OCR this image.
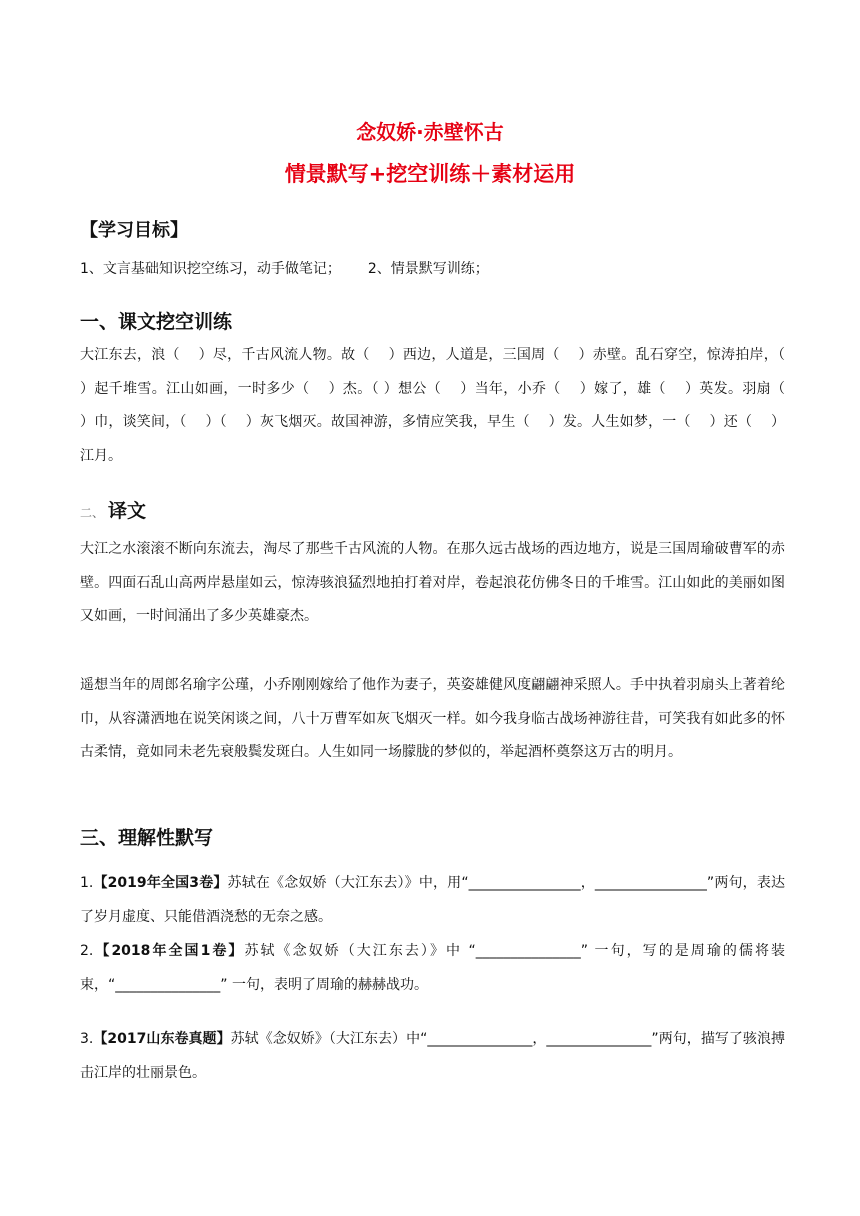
念奴娇·赤壁怀古
情景默写+挖空训练＋素材运用
【学习目标】
1、文言基础知识挖空练习，动手做笔记； 2、情景默写训练；
一、课文挖空训练
大江东去，浪（　 ）尽，千古风流人物。故（　 ）西边，人道是，三国周（　 ）赤壁。乱石穿空，惊涛拍岸，（　 ）起千堆雪。江山如画，一时多少（　 ）杰。（ ）想公（　 ）当年，小乔（　 ）嫁了，雄（　 ）英发。羽扇（　 ）巾，谈笑间，（　 ）（　 ）灰飞烟灭。故国神游，多情应笑我，早生（　 ）发。人生如梦，一（　 ）还（　 ）江月。
二、 译文
大江之水滚滚不断向东流去，淘尽了那些千古风流的人物。在那久远古战场的西边地方，说是三国周瑜破曹军的赤壁。四面石乱山高两岸悬崖如云，惊涛骇浪猛烈地拍打着对岸，卷起浪花仿佛冬日的千堆雪。江山如此的美丽如图又如画，一时间涌出了多少英雄豪杰。
遥想当年的周郎名瑜字公瑾，小乔刚刚嫁给了他作为妻子，英姿雄健风度翩翩神采照人。手中执着羽扇头上著着纶巾，从容潇洒地在说笑闲谈之间，八十万曹军如灰飞烟灭一样。如今我身临古战场神游往昔，可笑我有如此多的怀古柔情，竟如同未老先衰般鬓发斑白。人生如同一场朦胧的梦似的，举起酒杯奠祭这万古的明月。
三、理解性默写
1.【2019年全国3卷】苏轼在《念奴娇（大江东去）》中，用“________________，________________”两句，表达了岁月虚度、只能借酒浇愁的无奈之感。
2.【2018年全国1卷】苏轼《念奴娇（大江东去）》中 “_______________” 一句，写的是周瑜的儒将装束，“_______________” 一句，表明了周瑜的赫赫战功。
3.【2017山东卷真题】苏轼《念奴娇》（大江东去）中“_______________，_______________”两句，描写了骇浪搏击江岸的壮丽景色。
